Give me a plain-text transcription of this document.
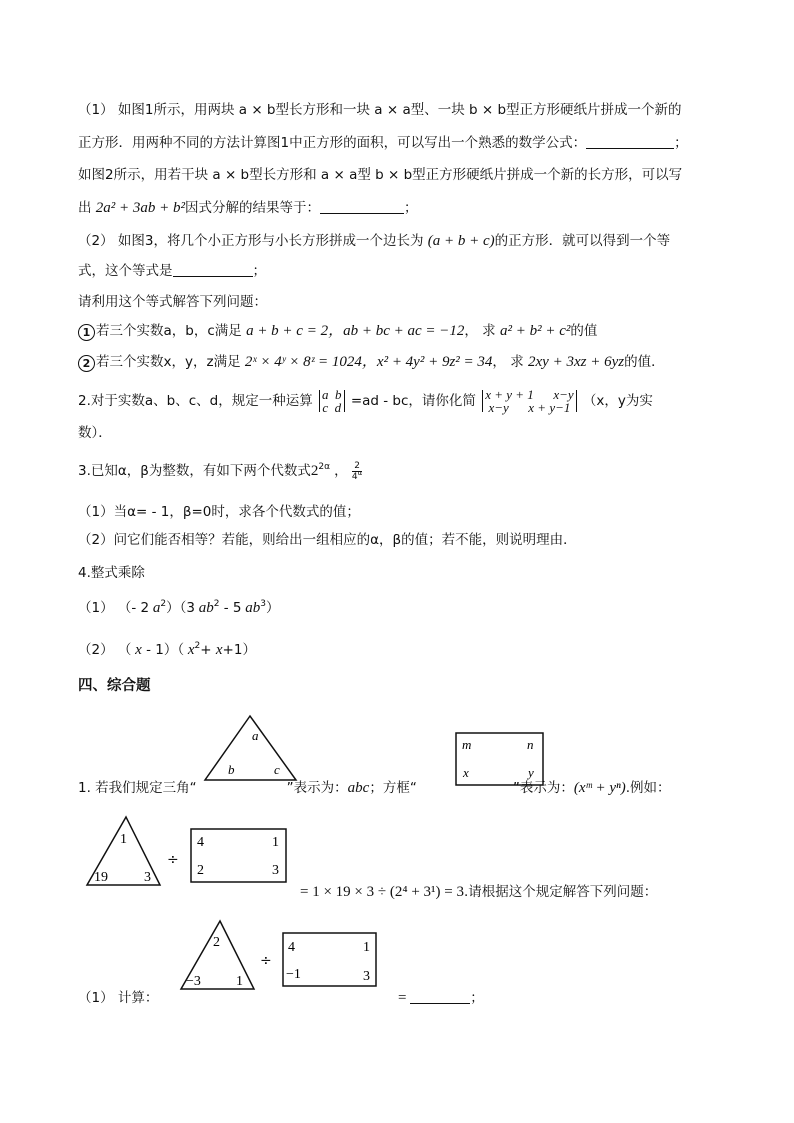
（1） 如图1所示，用两块 a × b型长方形和一块 a × a型、一块 b × b型正方形硬纸片拼成一个新的
正方形．用两种不同的方法计算图1中正方形的面积，可以写出一个熟悉的数学公式：	；
如图2所示，用若干块 a × b型长方形和 a × a型 b × b型正方形硬纸片拼成一个新的长方形，可以写
出 2a² + 3ab + b²因式分解的结果等于：	；
（2） 如图3，将几个小正方形与小长方形拼成一个边长为 (a + b + c)的正方形．就可以得到一个等
式，这个等式是	；
请利用这个等式解答下列问题：
1 若三个实数a，b，c满足 a + b + c = 2，ab + bc + ac = −12， 求 a² + b² + c²的值
2 若三个实数x，y，z满足 2ˣ × 4ʸ × 8ᶻ = 1024，x² + 4y² + 9z² = 34， 求 2xy + 3xz + 6yz的值．
2.对于实数a、b、c、d，规定一种运算 a b
c d =ad - bc，请你化简 x + y + 1 x−y
x−y x + y−1 （x，y为实
数）．
3.已知α，β为整数，有如下两个代数式$2^{2\alpha}$ ， $\frac{2}{4^\alpha}$
（1）当α= - 1，β=0时，求各个代数式的值；
（2）问它们能否相等？若能，则给出一组相应的α，β的值；若不能，则说明理由．
4.整式乘除
（1） （- 2 $a^2)(3$ $ab^2 - 5$ $ab^3$）
（2） （ x - 1）（ $x^2+ x+1$）
四、综合题
a
b	c
m	n
x	y
1. 若我们规定三角“	”表示为：abc；方框“	”表示为：(xᵐ + yⁿ).例如：
1
19	3
÷
4	1
2	3
= 1 × 19 × 3 ÷ (2⁴ + 3¹) = 3.请根据这个规定解答下列问题：
2
−3	1
÷
4	1
−1	3
（1） 计算：	=	；
